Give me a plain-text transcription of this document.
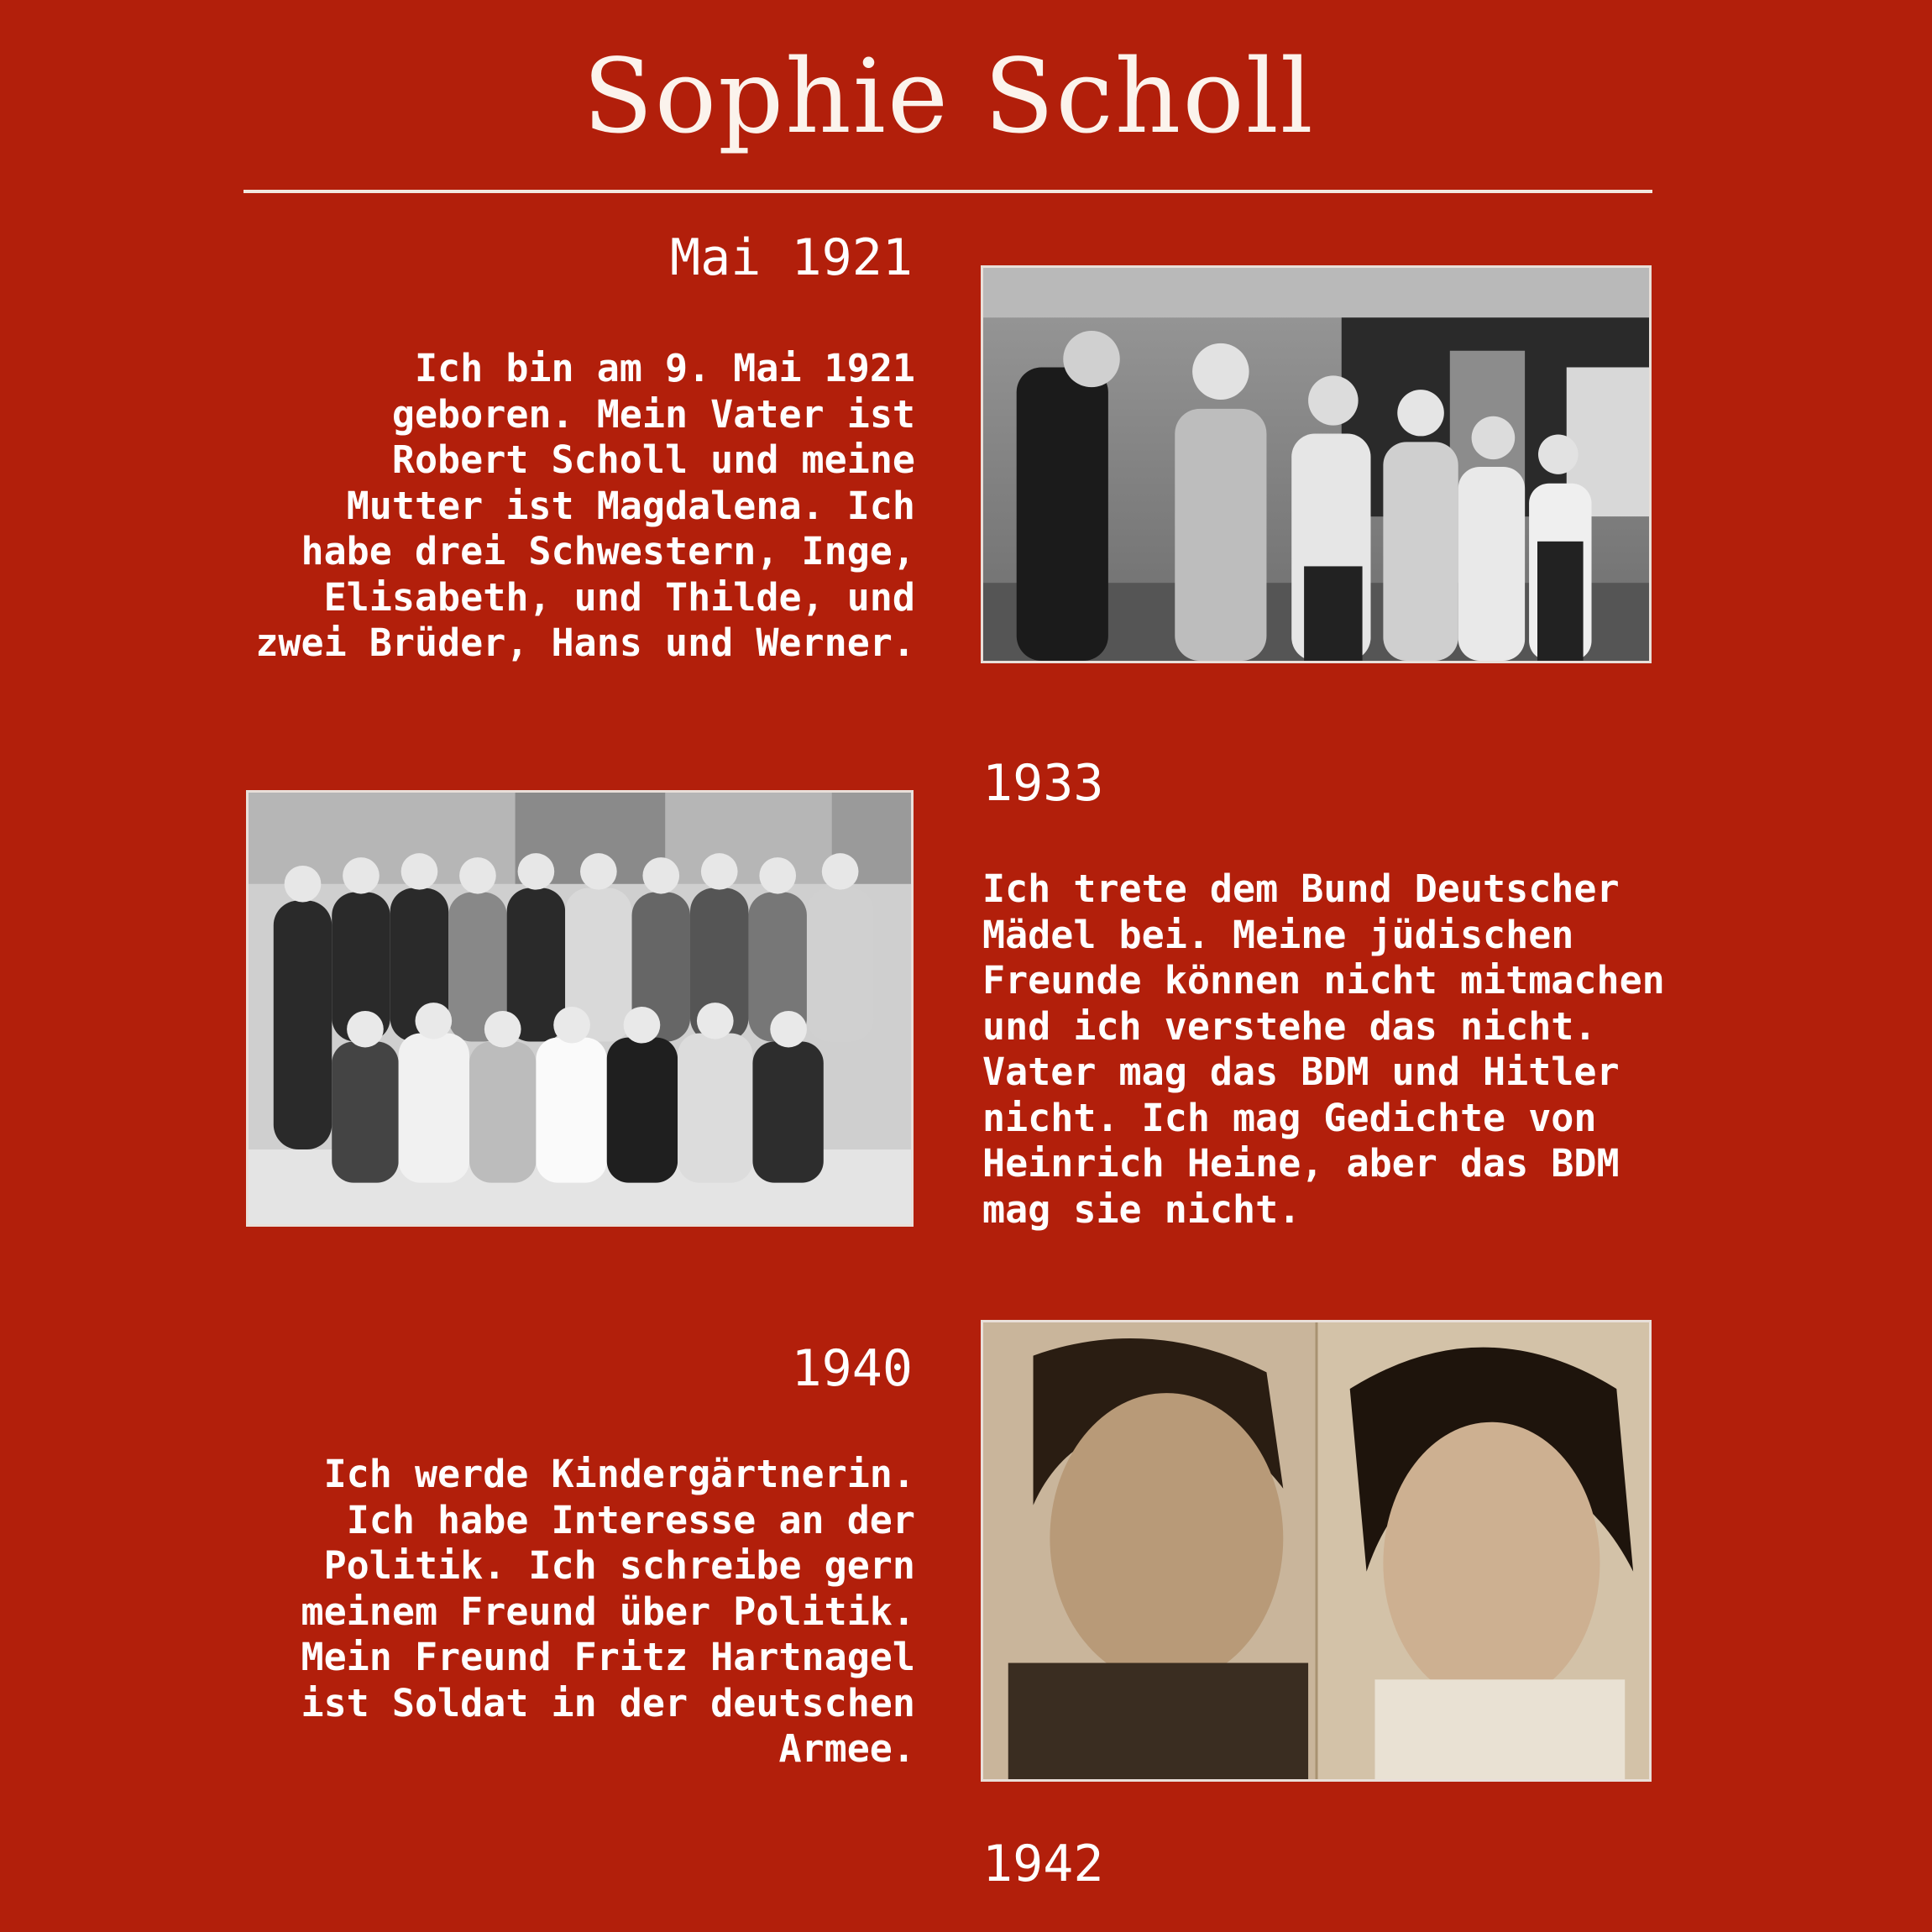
Sophie Scholl
Mai 1921
Ich bin am 9. Mai 1921 geboren. Mein Vater ist Robert Scholl und meine Mutter ist Magdalena. Ich habe drei Schwestern, Inge, Elisabeth, und Thilde, und zwei Brüder, Hans und Werner.
1933
Ich trete dem Bund Deutscher Mädel bei. Meine jüdischen Freunde können nicht mitmachen und ich verstehe das nicht. Vater mag das BDM und Hitler nicht. Ich mag Gedichte von Heinrich Heine, aber das BDM mag sie nicht.
1940
Ich werde Kindergärtnerin. Ich habe Interesse an der Politik. Ich schreibe gern meinem Freund über Politik. Mein Freund Fritz Hartnagel ist Soldat in der deutschen Armee.
1942
